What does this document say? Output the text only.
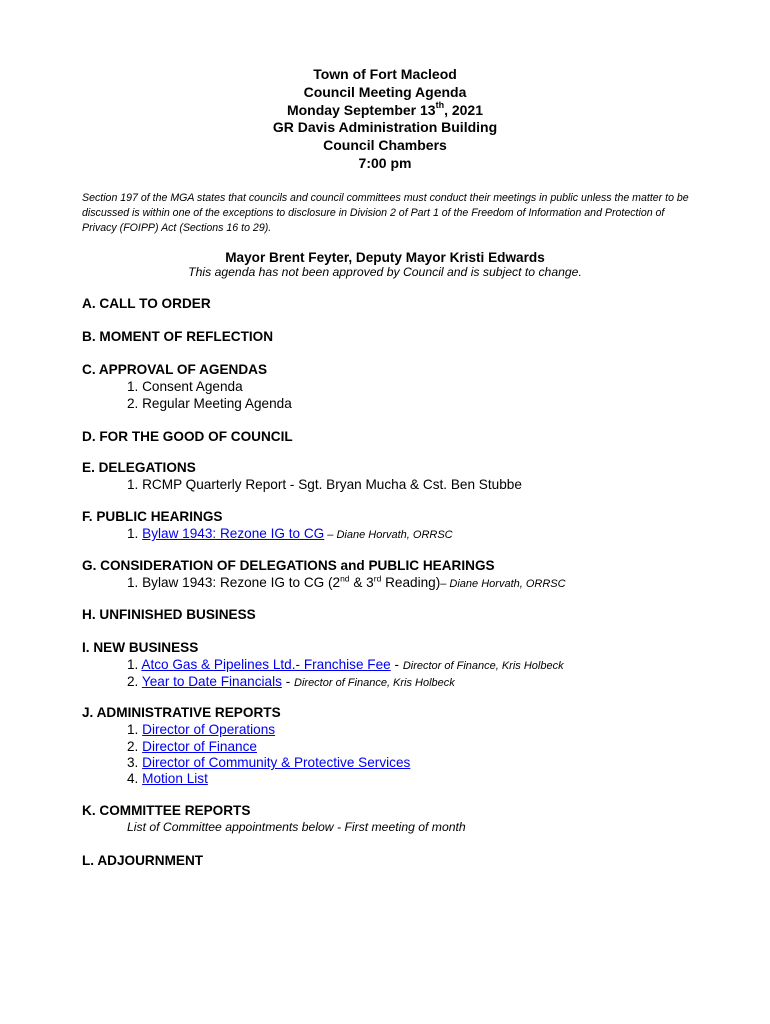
Town of Fort Macleod
Council Meeting Agenda
Monday September 13th, 2021
GR Davis Administration Building
Council Chambers
7:00 pm
Section 197 of the MGA states that councils and council committees must conduct their meetings in public unless the matter to be discussed is within one of the exceptions to disclosure in Division 2 of Part 1 of the Freedom of Information and Protection of Privacy (FOIPP) Act (Sections 16 to 29).
Mayor Brent Feyter, Deputy Mayor Kristi Edwards
This agenda has not been approved by Council and is subject to change.
A. CALL TO ORDER
B. MOMENT OF REFLECTION
C. APPROVAL OF AGENDAS
1. Consent Agenda
2. Regular Meeting Agenda
D. FOR THE GOOD OF COUNCIL
E. DELEGATIONS
1. RCMP Quarterly Report - Sgt. Bryan Mucha & Cst. Ben Stubbe
F. PUBLIC HEARINGS
1. Bylaw 1943: Rezone IG to CG – Diane Horvath, ORRSC
G. CONSIDERATION OF DELEGATIONS and PUBLIC HEARINGS
1. Bylaw 1943: Rezone IG to CG (2nd & 3rd Reading)– Diane Horvath, ORRSC
H. UNFINISHED BUSINESS
I. NEW BUSINESS
1. Atco Gas & Pipelines Ltd.- Franchise Fee - Director of Finance, Kris Holbeck
2. Year to Date Financials - Director of Finance, Kris Holbeck
J. ADMINISTRATIVE REPORTS
1. Director of Operations
2. Director of Finance
3. Director of Community & Protective Services
4. Motion List
K. COMMITTEE REPORTS
List of Committee appointments below - First meeting of month
L. ADJOURNMENT
